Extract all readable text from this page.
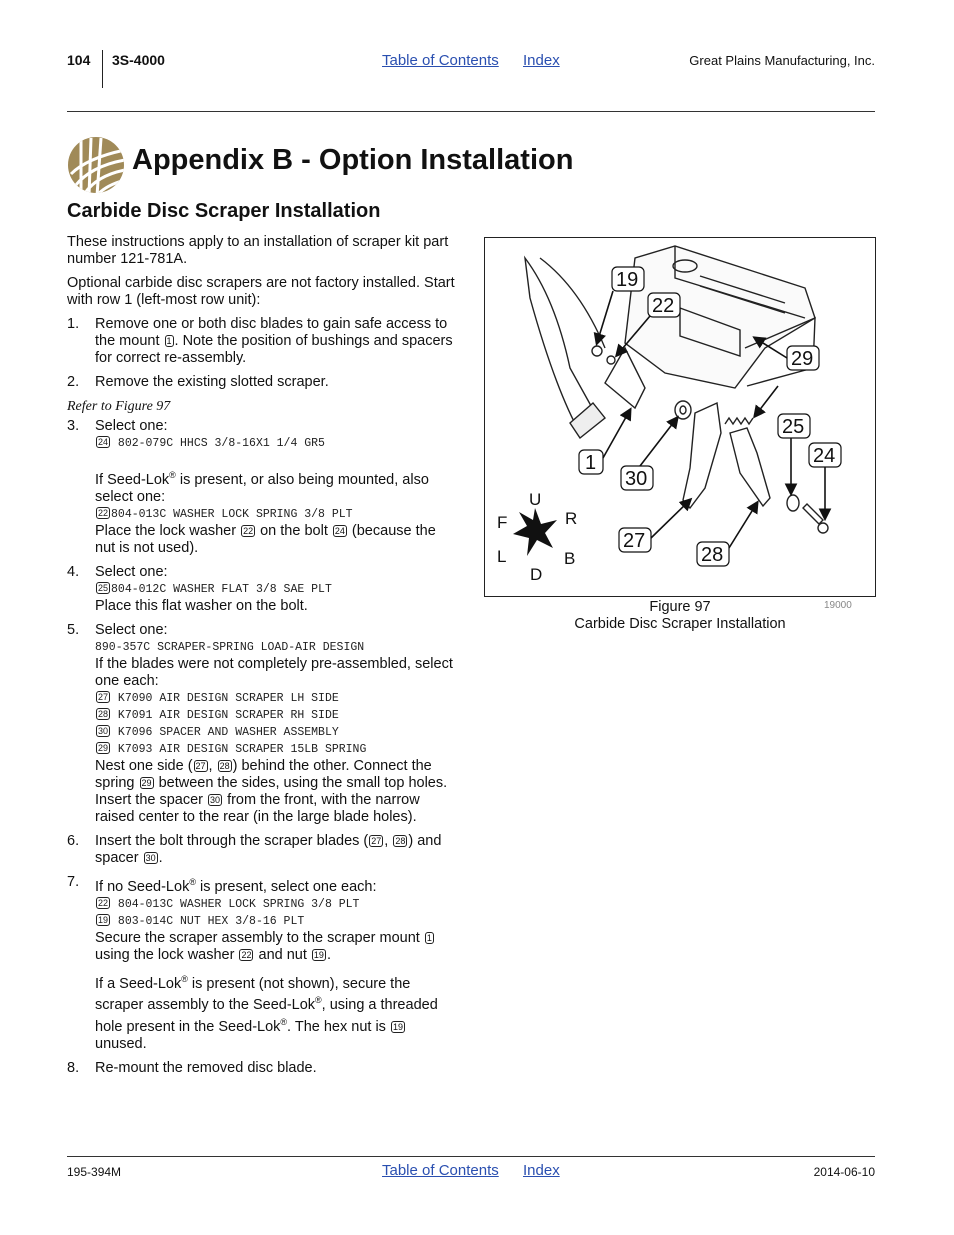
104 3S-4000	Table of Contents Index	Great Plains Manufacturing, Inc.
Appendix B - Option Installation
Carbide Disc Scraper Installation

These instructions apply to an installation of scraper kit part number 121-781A.

Optional carbide disc scrapers are not factory installed. Start with row 1 (left-most row unit):

1. Remove one or both disc blades to gain safe access to the mount 1 . Note the position of bushings and spacers for correct re-assembly.
2. Remove the existing slotted scraper.
Refer to Figure 97
3. Select one:
24 802-079C HHCS 3/8-16X1 1/4 GR5
If Seed-Lok® is present, or also being mounted, also select one:
22 804-013C WASHER LOCK SPRING 3/8 PLT
Place the lock washer 22 on the bolt 24 (because the nut is not used).
4. Select one:
25 804-012C WASHER FLAT 3/8 SAE PLT
Place this flat washer on the bolt.
5. Select one:
890-357C SCRAPER-SPRING LOAD-AIR DESIGN
If the blades were not completely pre-assembled, select one each:
27 K7090 AIR DESIGN SCRAPER LH SIDE
28 K7091 AIR DESIGN SCRAPER RH SIDE
30 K7096 SPACER AND WASHER ASSEMBLY
29 K7093 AIR DESIGN SCRAPER 15LB SPRING
Nest one side ( 27 , 28 ) behind the other. Connect the spring 29 between the sides, using the small top holes. Insert the spacer 30 from the front, with the narrow raised center to the rear (in the large blade holes).
6. Insert the bolt through the scraper blades ( 27 , 28 ) and spacer 30 .
7. If no Seed-Lok® is present, select one each:
22 804-013C WASHER LOCK SPRING 3/8 PLT
19 803-014C NUT HEX 3/8-16 PLT
Secure the scraper assembly to the scraper mount 1 using the lock washer 22 and nut 19 .
If a Seed-Lok® is present (not shown), secure the scraper assembly to the Seed-Lok®, using a threaded hole present in the Seed-Lok®. The hex nut is 19 unused.
8. Re-mount the removed disc blade.
19
22
29
25
24
1
30
27
28
U
D
F	R
L	B
Figure 97
Carbide Disc Scraper Installation
19000
195-394M	Table of Contents Index	2014-06-10
